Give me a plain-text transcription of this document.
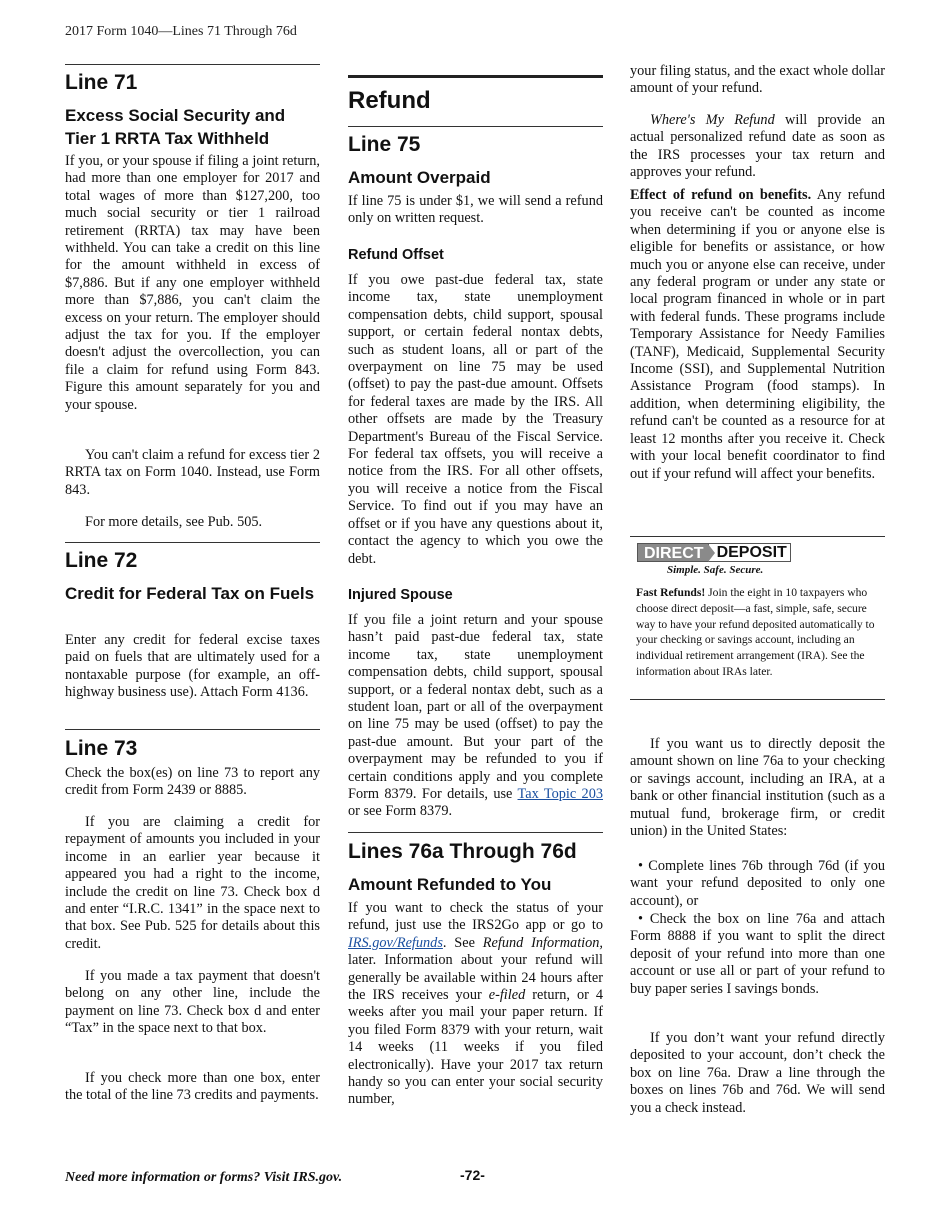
2017 Form 1040—Lines 71 Through 76d
Line 71
Excess Social Security and Tier 1 RRTA Tax Withheld

If you, or your spouse if filing a joint return, had more than one employer for 2017 and total wages of more than $127,200, too much social security or tier 1 railroad retirement (RRTA) tax may have been withheld. You can take a credit on this line for the amount withheld in excess of $7,886. But if any one employer withheld more than $7,886, you can't claim the excess on your return. The employer should adjust the tax for you. If the employer doesn't adjust the overcollection, you can file a claim for refund using Form 843. Figure this amount separately for you and your spouse.

You can't claim a refund for excess tier 2 RRTA tax on Form 1040. Instead, use Form 843.

For more details, see Pub. 505.

Line 72
Credit for Federal Tax on Fuels

Enter any credit for federal excise taxes paid on fuels that are ultimately used for a nontaxable purpose (for example, an off-highway business use). Attach Form 4136.

Line 73

Check the box(es) on line 73 to report any credit from Form 2439 or 8885.

If you are claiming a credit for repayment of amounts you included in your income in an earlier year because it appeared you had a right to the income, include the credit on line 73. Check box d and enter “I.R.C. 1341” in the space next to that box. See Pub. 525 for details about this credit.

If you made a tax payment that doesn't belong on any other line, include the payment on line 73. Check box d and enter “Tax” in the space next to that box.

If you check more than one box, enter the total of the line 73 credits and payments.

Refund
Line 75
Amount Overpaid

If line 75 is under $1, we will send a refund only on written request.

Refund Offset

If you owe past-due federal tax, state income tax, state unemployment compensation debts, child support, spousal support, or certain federal nontax debts, such as student loans, all or part of the overpayment on line 75 may be used (offset) to pay the past-due amount. Offsets for federal taxes are made by the IRS. All other offsets are made by the Treasury Department's Bureau of the Fiscal Service. For federal tax offsets, you will receive a notice from the IRS. For all other offsets, you will receive a notice from the Fiscal Service. To find out if you may have an offset or if you have any questions about it, contact the agency to which you owe the debt.

Injured Spouse

If you file a joint return and your spouse hasn’t paid past-due federal tax, state income tax, state unemployment compensation debts, child support, spousal support, or a federal nontax debt, such as a student loan, part or all of the overpayment on line 75 may be used (offset) to pay the past-due amount. But your part of the overpayment may be refunded to you if certain conditions apply and you complete Form 8379. For details, use Tax Topic 203 or see Form 8379.

Lines 76a Through 76d
Amount Refunded to You

If you want to check the status of your refund, just use the IRS2Go app or go to IRS.gov/Refunds. See Refund Information, later. Information about your refund will generally be available within 24 hours after the IRS receives your e-filed return, or 4 weeks after you mail your paper return. If you filed Form 8379 with your return, wait 14 weeks (11 weeks if you filed electronically). Have your 2017 tax return handy so you can enter your social security number,

your filing status, and the exact whole dollar amount of your refund.

Where's My Refund will provide an actual personalized refund date as soon as the IRS processes your tax return and approves your refund.

Effect of refund on benefits. Any refund you receive can't be counted as income when determining if you or anyone else is eligible for benefits or assistance, or how much you or anyone else can receive, under any federal program or under any state or local program financed in whole or in part with federal funds. These programs include Temporary Assistance for Needy Families (TANF), Medicaid, Supplemental Security Income (SSI), and Supplemental Nutrition Assistance Program (food stamps). In addition, when determining eligibility, the refund can't be counted as a resource for at least 12 months after you receive it. Check with your local benefit coordinator to find out if your refund will affect your benefits.

DIRECT DEPOSIT
Simple. Safe. Secure.

Fast Refunds! Join the eight in 10 taxpayers who choose direct deposit—a fast, simple, safe, secure way to have your refund deposited automatically to your checking or savings account, including an individual retirement arrangement (IRA). See the information about IRAs later.

If you want us to directly deposit the amount shown on line 76a to your checking or savings account, including an IRA, at a bank or other financial institution (such as a mutual fund, brokerage firm, or credit union) in the United States:

• Complete lines 76b through 76d (if you want your refund deposited to only one account), or

• Check the box on line 76a and attach Form 8888 if you want to split the direct deposit of your refund into more than one account or use all or part of your refund to buy paper series I savings bonds.

If you don’t want your refund directly deposited to your account, don’t check the box on line 76a. Draw a line through the boxes on lines 76b and 76d. We will send you a check instead.

Need more information or forms? Visit IRS.gov.	-72-
